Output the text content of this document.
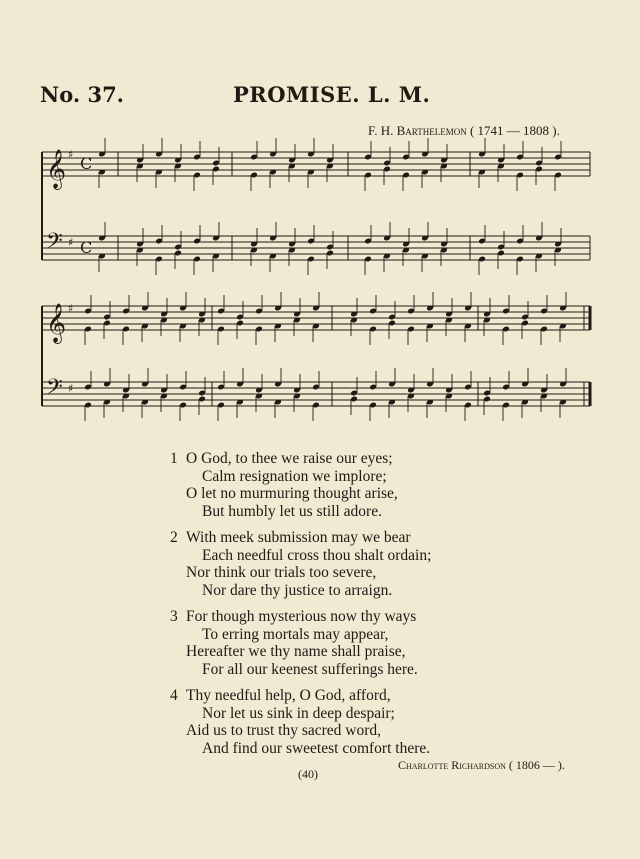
No. 37.	PROMISE. L. M.
F. H. Barthelemon ( 1741 — 1808 ).
𝄞 ♯ C
𝄢 ♯ C
𝄞 ♯
𝄢 ♯
1 O God, to thee we raise our eyes;
Calm resignation we implore;
O let no murmuring thought arise,
But humbly let us still adore.
2 With meek submission may we bear
Each needful cross thou shalt ordain;
Nor think our trials too severe,
Nor dare thy justice to arraign.
3 For though mysterious now thy ways
To erring mortals may appear,
Hereafter we thy name shall praise,
For all our keenest sufferings here.
4 Thy needful help, O God, afford,
Nor let us sink in deep despair;
Aid us to trust thy sacred word,
And find our sweetest comfort there.
Charlotte Richardson ( 1806 — ).
(40)
